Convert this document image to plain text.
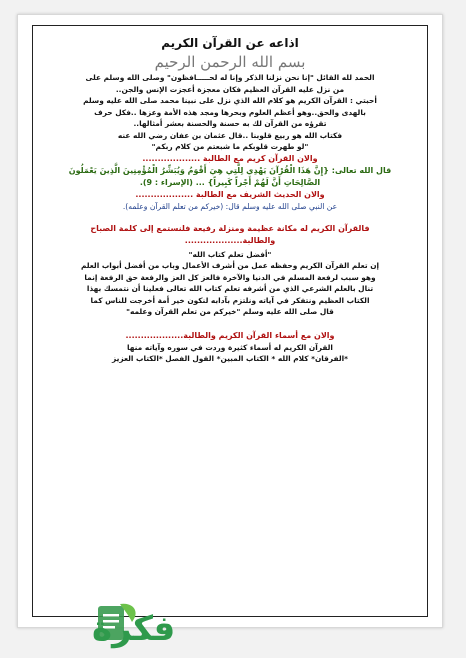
اذاعه عن القرآن الكريم

بسم الله الرحمن الرحيم

الحمد لله القائل "إنا نحن نزلنا الذكر وإنا له لحـــــافظون" وصلى الله وسلم على

من نزل عليه القرآن العظيم فكان معجزة أعجزت الإنس والجن..

أحبتي : القرآن الكريم هو كلام الله الذي نزل على نبينا محمد صلى الله عليه وسلم

بالهدى والحق..وهو أعظم العلوم وبحرها ومجد هذه الأمة وعزها ..فكل حرف

تقرؤه من القرآن لك به حسنة والحسنة بعشر أمثالها..

فكتاب الله هو ربيع قلوبنا ..قال عثمان بن عفان رضي الله عنه

"لو طهرت قلوبكم ما شبعتم من كلام ربكم"

والان القرآن كريم مع الطالبة ...................

قال الله تعالى: {إِنَّ هَذَا الْقُرْآنَ يَهْدِي لِلَّتِي هِيَ أَقْوَمُ وَيُبَشِّرُ الْمُؤْمِنِينَ الَّذِينَ يَعْمَلُونَ

الصَّالِحَاتِ أَنَّ لَهُمْ أَجْراً كَبِيراً} ... (الإسراء : 9).

والان الحديث الشريف مع الطالبة ...................

عن النبي صلى الله عليه وسلم قال: (خيركم من تعلم القرآن وعلمه).

فالقرآن الكريم له مكانة عظيمة ومنزلة رفيعة فلنستمع إلى كلمة الصباح

والطالبة...................

"أفضل تعلم كتاب الله"

إن تعلم القرآن الكريم وحفظه عمل من أشرف الأعمال وباب من أفضل أبواب العلم

وهو سبب لرفعة المسلم في الدنيا والآخرة فالعز كل العز والرفعة حق الرفعة إنما

تنال بالعلم الشرعي الذي من أشرفه تعلم كتاب الله تعالى فعلينا أن نتمسك بهذا

الكتاب العظيم ونتفكر في آياته ونلتزم بآدابه لنكون خير أمة أخرجت للناس كما

قال صلى الله عليه وسلم "خيركم من تعلم القرآن وعلمه"

والان مع أسماء القرآن الكريم والطالبة...................

القرآن الكريم له أسماء كثيرة وردت في سوره وآياته منها

*الفرقان* كلام الله * الكتاب المبين* القول الفصل *الكتاب العزيز

فكرة
